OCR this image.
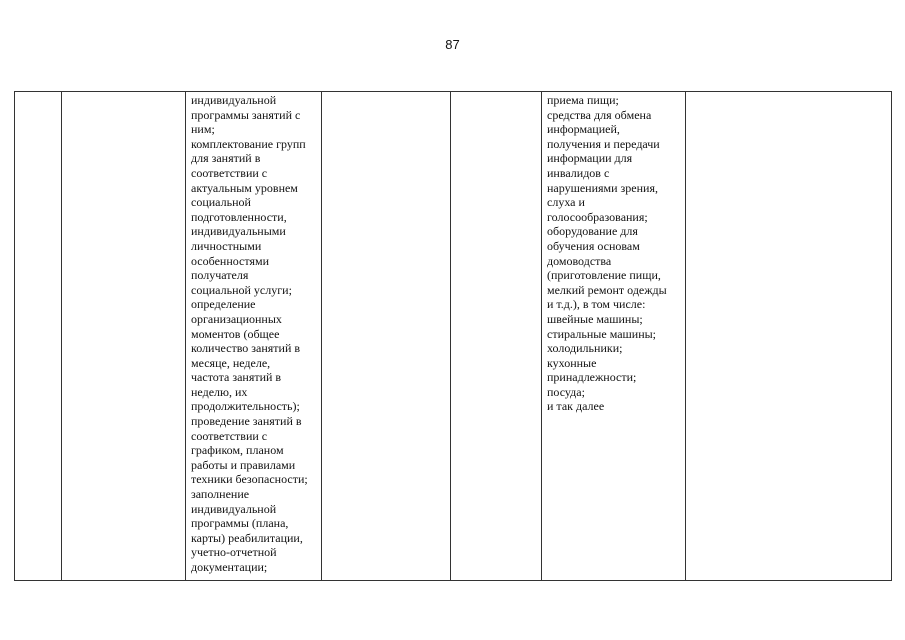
87

индивидуальной
программы занятий с
ним;
комплектование групп
для занятий в
соответствии с
актуальным уровнем
социальной
подготовленности,
индивидуальными
личностными
особенностями
получателя
социальной услуги;
определение
организационных
моментов (общее
количество занятий в
месяце, неделе,
частота занятий в
неделю, их
продолжительность);
проведение занятий в
соответствии с
графиком, планом
работы и правилами
техники безопасности;
заполнение
индивидуальной
программы (плана,
карты) реабилитации,
учетно-отчетной
документации;

приема пищи;
средства для обмена
информацией,
получения и передачи
информации для
инвалидов с
нарушениями зрения,
слуха и
голосообразования;
оборудование для
обучения основам
домоводства
(приготовление пищи,
мелкий ремонт одежды
и т.д.), в том числе:
швейные машины;
стиральные машины;
холодильники;
кухонные
принадлежности;
посуда;
и так далее
